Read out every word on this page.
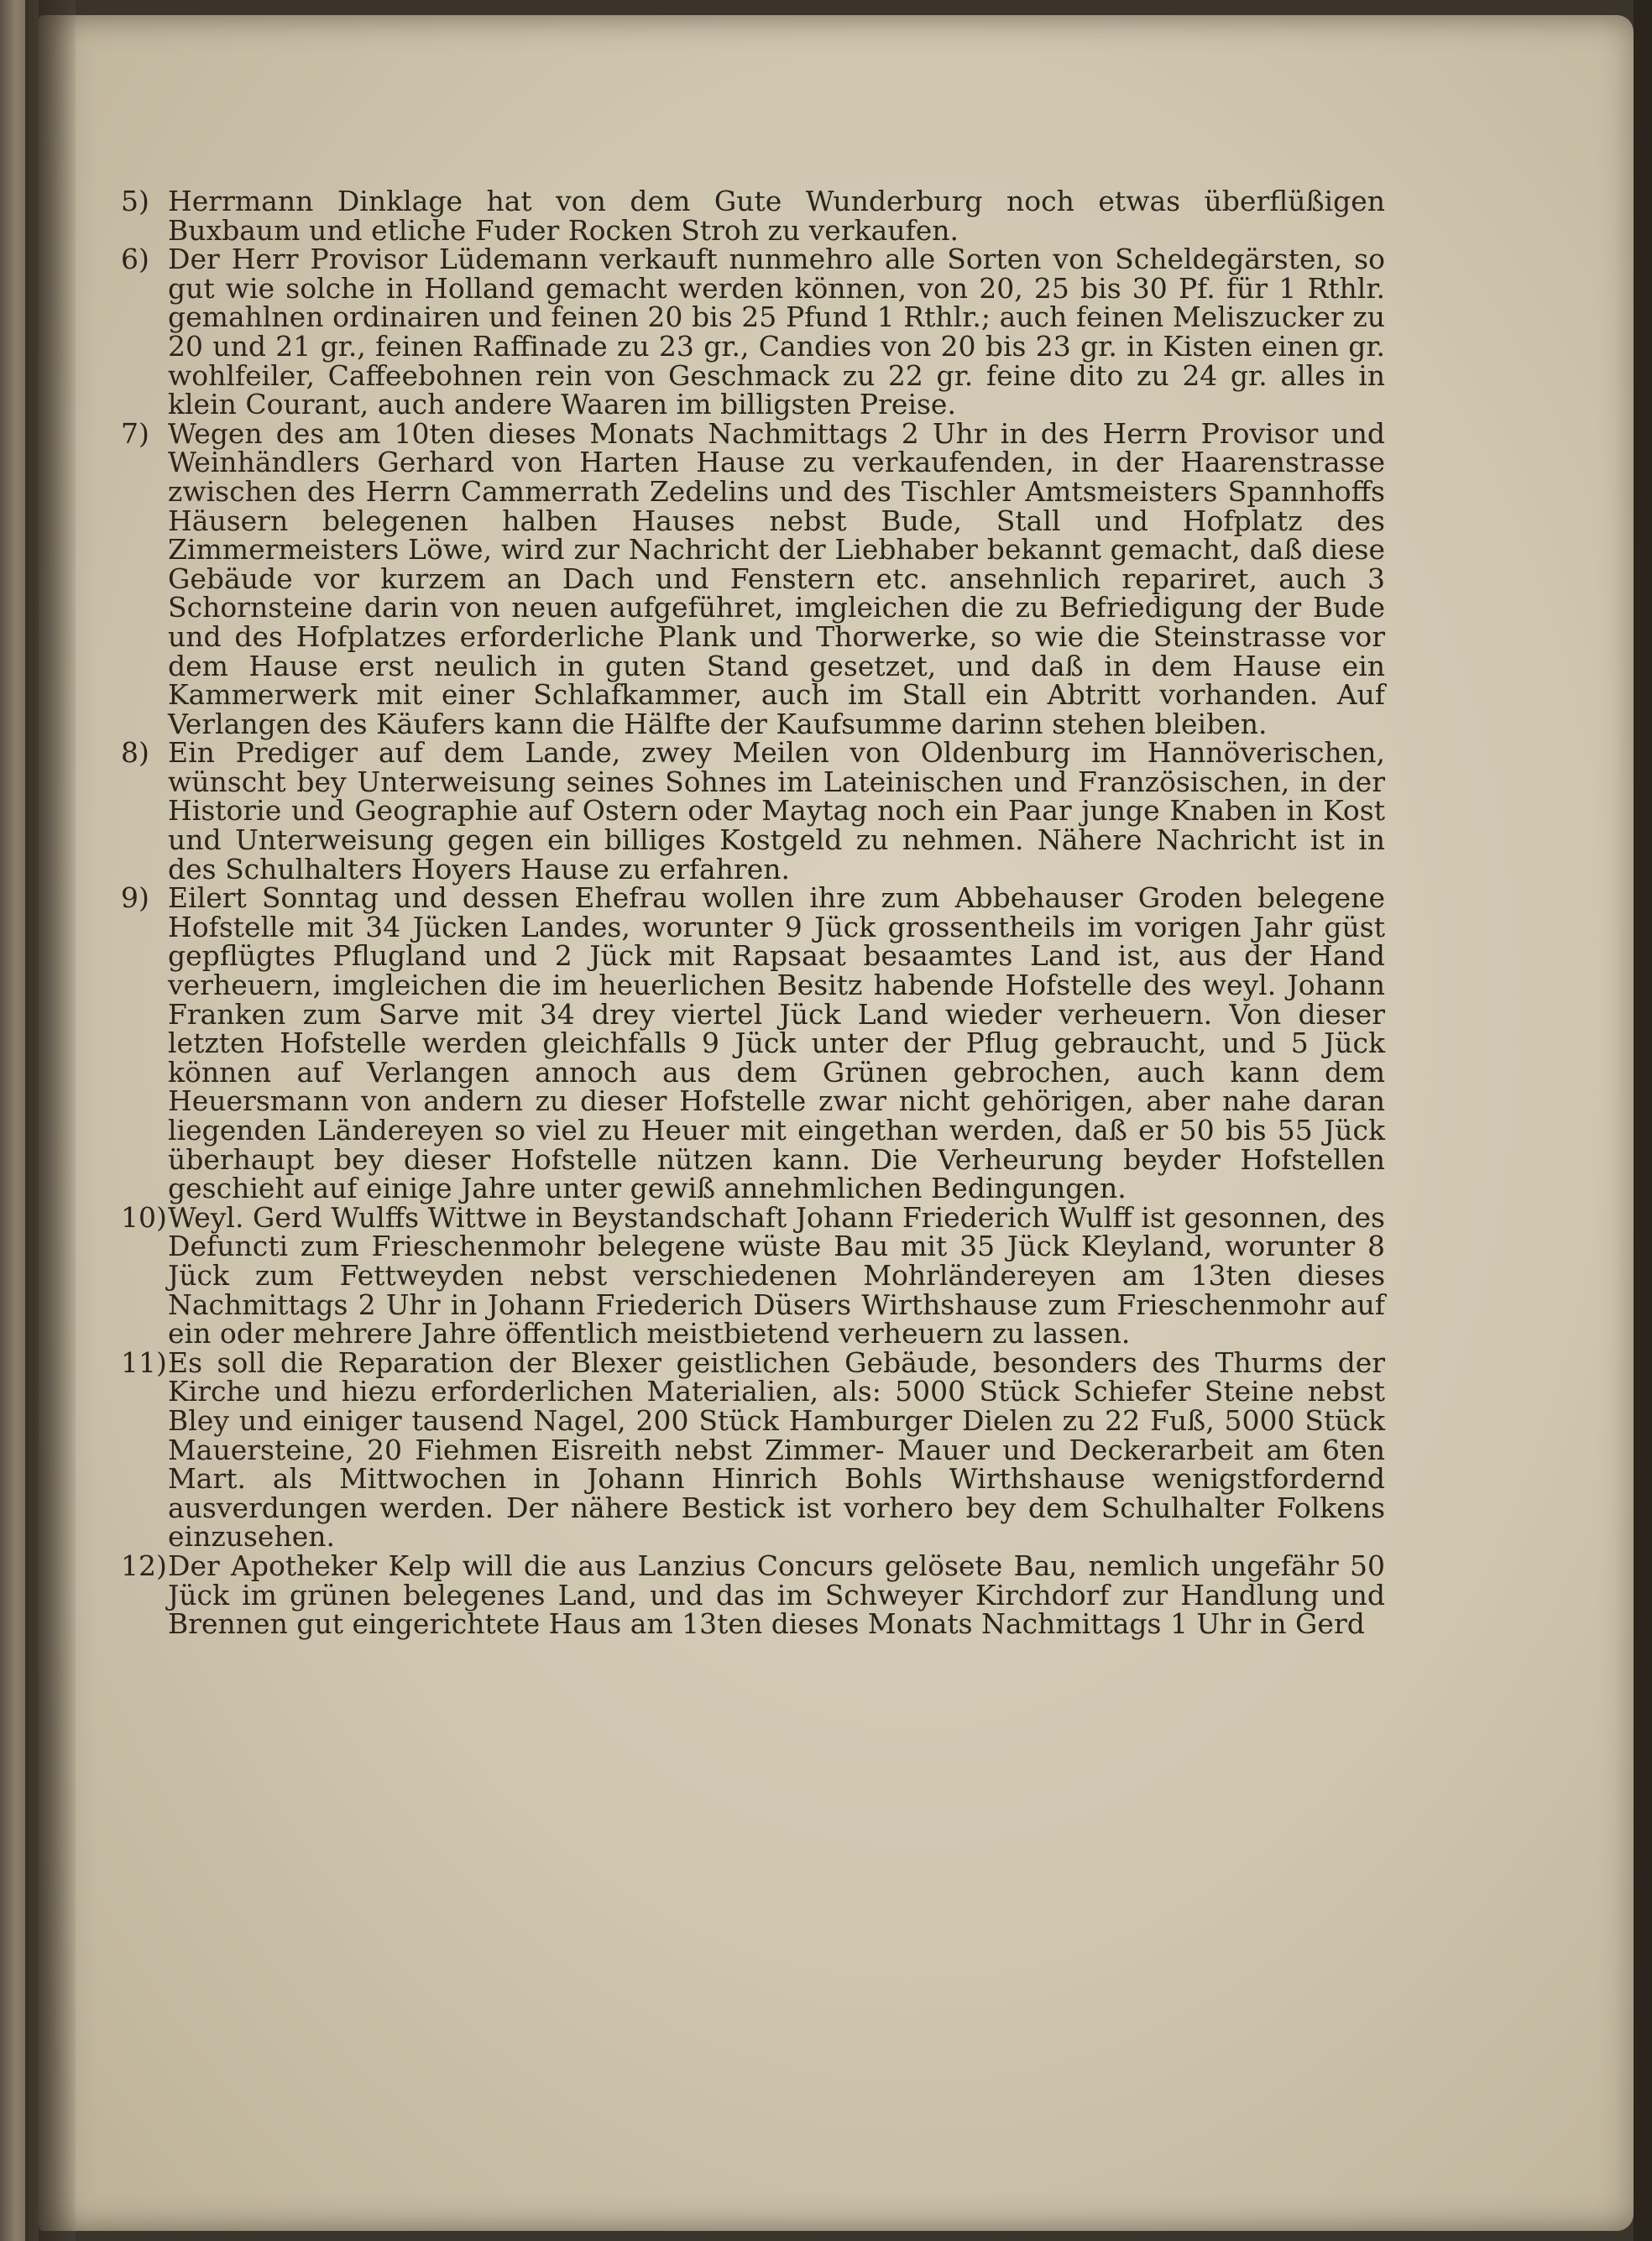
5) Herrmann Dinklage hat von dem Gute Wunderburg noch etwas überflüßigen Buxbaum und etliche Fuder Rocken Stroh zu verkaufen.
6) Der Herr Provisor Lüdemann verkauft nunmehro alle Sorten von Scheldegärsten, so gut wie solche in Holland gemacht werden können, von 20, 25 bis 30 Pf. für 1 Rthlr. gemahlnen ordinairen und feinen 20 bis 25 Pfund 1 Rthlr.; auch feinen Meliszucker zu 20 und 21 gr., feinen Raffinade zu 23 gr., Candies von 20 bis 23 gr. in Kisten einen gr. wohlfeiler, Caffeebohnen rein von Geschmack zu 22 gr. feine dito zu 24 gr. alles in klein Courant, auch andere Waaren im billigsten Preise.
7) Wegen des am 10ten dieses Monats Nachmittags 2 Uhr in des Herrn Provisor und Weinhändlers Gerhard von Harten Hause zu verkaufenden, in der Haarenstrasse zwischen des Herrn Cammerrath Zedelins und des Tischler Amtsmeisters Spannhoffs Häusern belegenen halben Hauses nebst Bude, Stall und Hofplatz des Zimmermeisters Löwe, wird zur Nachricht der Liebhaber bekannt gemacht, daß diese Gebäude vor kurzem an Dach und Fenstern etc. ansehnlich repariret, auch 3 Schornsteine darin von neuen aufgeführet, imgleichen die zu Befriedigung der Bude und des Hofplatzes erforderliche Plank und Thorwerke, so wie die Steinstrasse vor dem Hause erst neulich in guten Stand gesetzet, und daß in dem Hause ein Kammerwerk mit einer Schlafkammer, auch im Stall ein Abtritt vorhanden. Auf Verlangen des Käufers kann die Hälfte der Kaufsumme darinn stehen bleiben.
8) Ein Prediger auf dem Lande, zwey Meilen von Oldenburg im Hannöverischen, wünscht bey Unterweisung seines Sohnes im Lateinischen und Französischen, in der Historie und Geographie auf Ostern oder Maytag noch ein Paar junge Knaben in Kost und Unterweisung gegen ein billiges Kostgeld zu nehmen. Nähere Nachricht ist in des Schulhalters Hoyers Hause zu erfahren.
9) Eilert Sonntag und dessen Ehefrau wollen ihre zum Abbehauser Groden belegene Hofstelle mit 34 Jücken Landes, worunter 9 Jück grossentheils im vorigen Jahr güst gepflügtes Pflugland und 2 Jück mit Rapsaat besaamtes Land ist, aus der Hand verheuern, imgleichen die im heuerlichen Besitz habende Hofstelle des weyl. Johann Franken zum Sarve mit 34 drey viertel Jück Land wieder verheuern. Von dieser letzten Hofstelle werden gleichfalls 9 Jück unter der Pflug gebraucht, und 5 Jück können auf Verlangen annoch aus dem Grünen gebrochen, auch kann dem Heuersmann von andern zu dieser Hofstelle zwar nicht gehörigen, aber nahe daran liegenden Ländereyen so viel zu Heuer mit eingethan werden, daß er 50 bis 55 Jück überhaupt bey dieser Hofstelle nützen kann. Die Verheurung beyder Hofstellen geschieht auf einige Jahre unter gewiß annehmlichen Bedingungen.
10) Weyl. Gerd Wulffs Wittwe in Beystandschaft Johann Friederich Wulff ist gesonnen, des Defuncti zum Frieschenmohr belegene wüste Bau mit 35 Jück Kleyland, worunter 8 Jück zum Fettweyden nebst verschiedenen Mohrländereyen am 13ten dieses Nachmittags 2 Uhr in Johann Friederich Düsers Wirthshause zum Frieschenmohr auf ein oder mehrere Jahre öffentlich meistbietend verheuern zu lassen.
11) Es soll die Reparation der Blexer geistlichen Gebäude, besonders des Thurms der Kirche und hiezu erforderlichen Materialien, als: 5000 Stück Schiefer Steine nebst Bley und einiger tausend Nagel, 200 Stück Hamburger Dielen zu 22 Fuß, 5000 Stück Mauersteine, 20 Fiehmen Eisreith nebst Zimmer- Mauer und Deckerarbeit am 6ten Mart. als Mittwochen in Johann Hinrich Bohls Wirthshause wenigstfordernd ausverdungen werden. Der nähere Bestick ist vorhero bey dem Schulhalter Folkens einzusehen.
12) Der Apotheker Kelp will die aus Lanzius Concurs gelösete Bau, nemlich ungefähr 50 Jück im grünen belegenes Land, und das im Schweyer Kirchdorf zur Handlung und Brennen gut eingerichtete Haus am 13ten dieses Monats Nachmittags 1 Uhr in Gerd
